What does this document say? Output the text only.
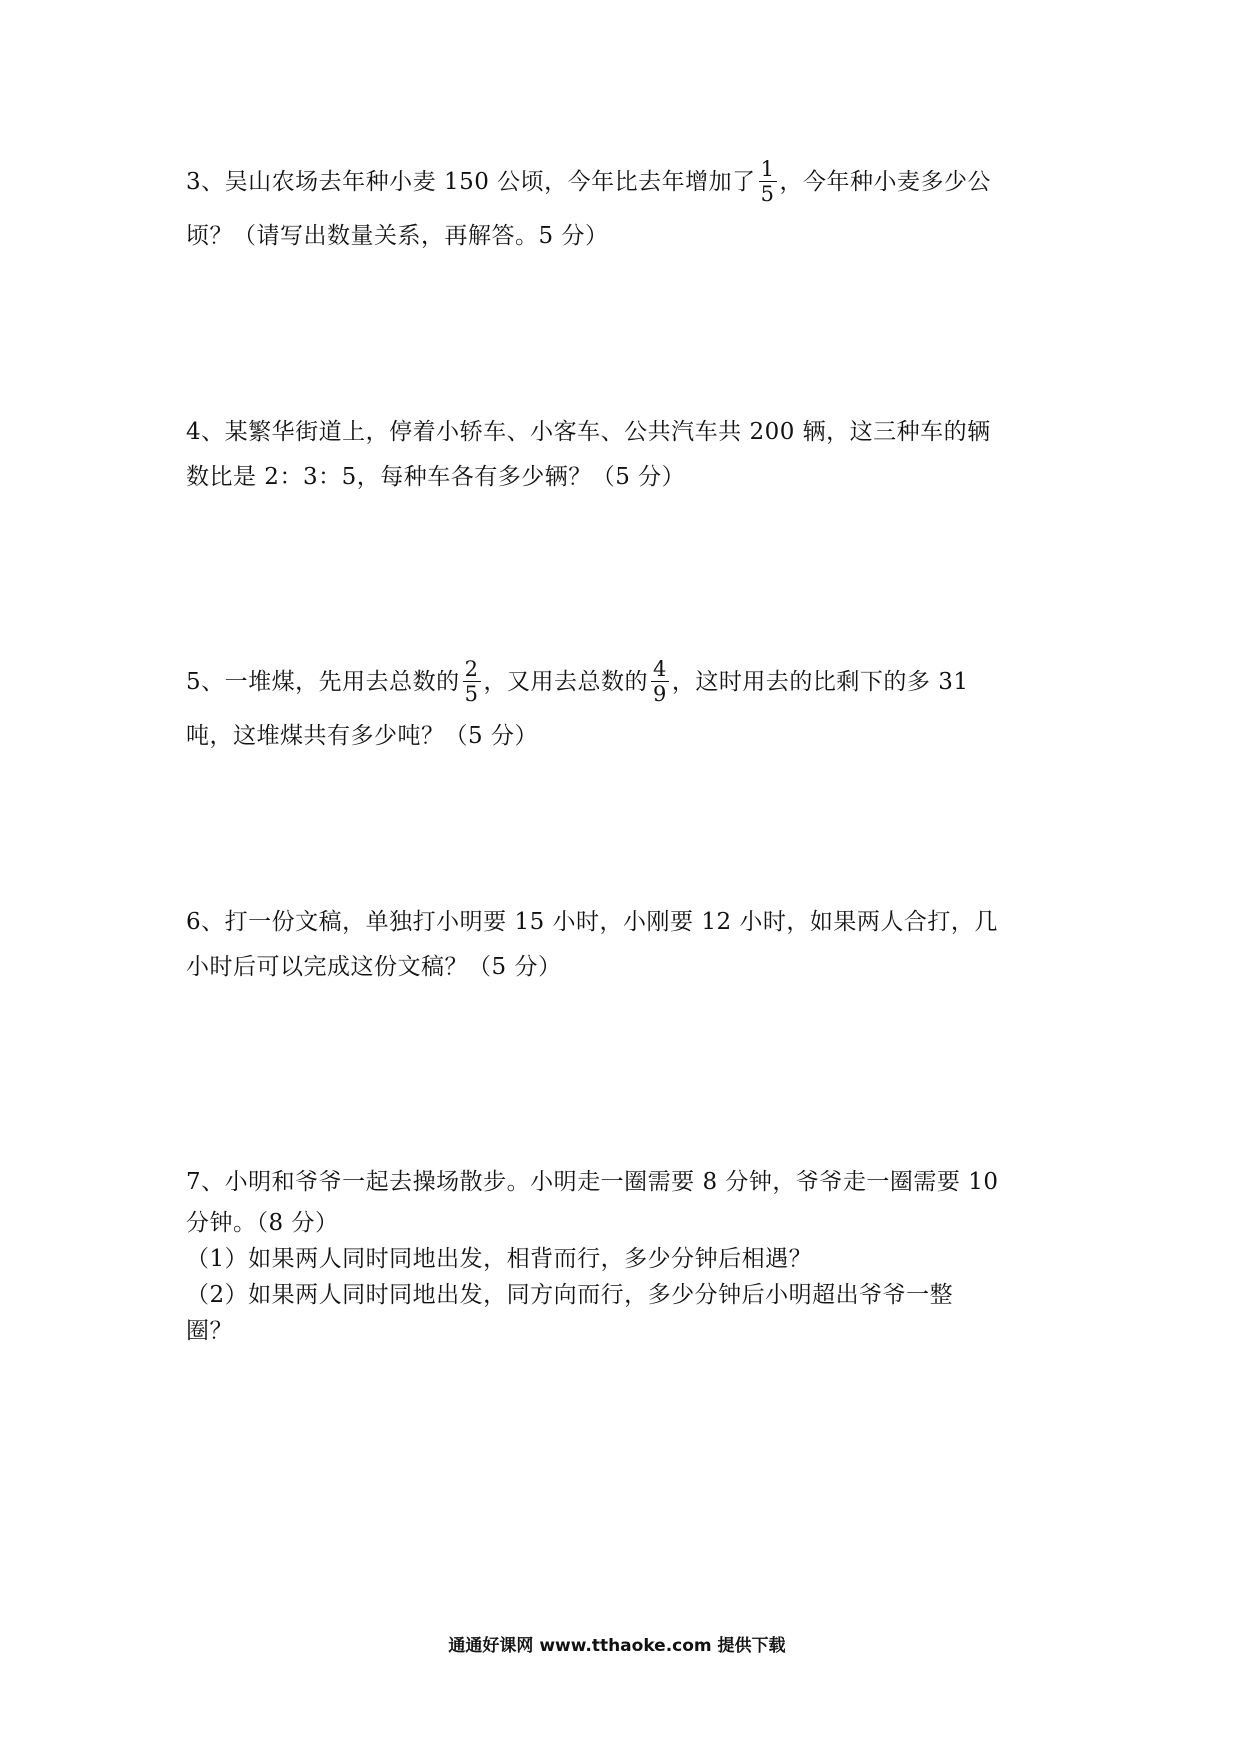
3、吴山农场去年种小麦 150 公顷，今年比去年增加了 $\frac{1}{5}$ ，今年种小麦多少公
顷？（请写出数量关系，再解答。5 分）
4、某繁华街道上，停着小轿车、小客车、公共汽车共 200 辆，这三种车的辆
数比是 2：3：5，每种车各有多少辆？（5 分）
5、一堆煤，先用去总数的 $\frac{2}{5}$ ，又用去总数的 $\frac{4}{9}$ ，这时用去的比剩下的多 31
吨，这堆煤共有多少吨？（5 分）
6、打一份文稿，单独打小明要 15 小时，小刚要 12 小时，如果两人合打，几
小时后可以完成这份文稿？（5 分）
7、小明和爷爷一起去操场散步。小明走一圈需要 8 分钟，爷爷走一圈需要 10
分钟。（8 分）
（1）如果两人同时同地出发，相背而行，多少分钟后相遇？
（2）如果两人同时同地出发，同方向而行，多少分钟后小明超出爷爷一整
圈？
通通好课网 www.tthaoke.com 提供下载
